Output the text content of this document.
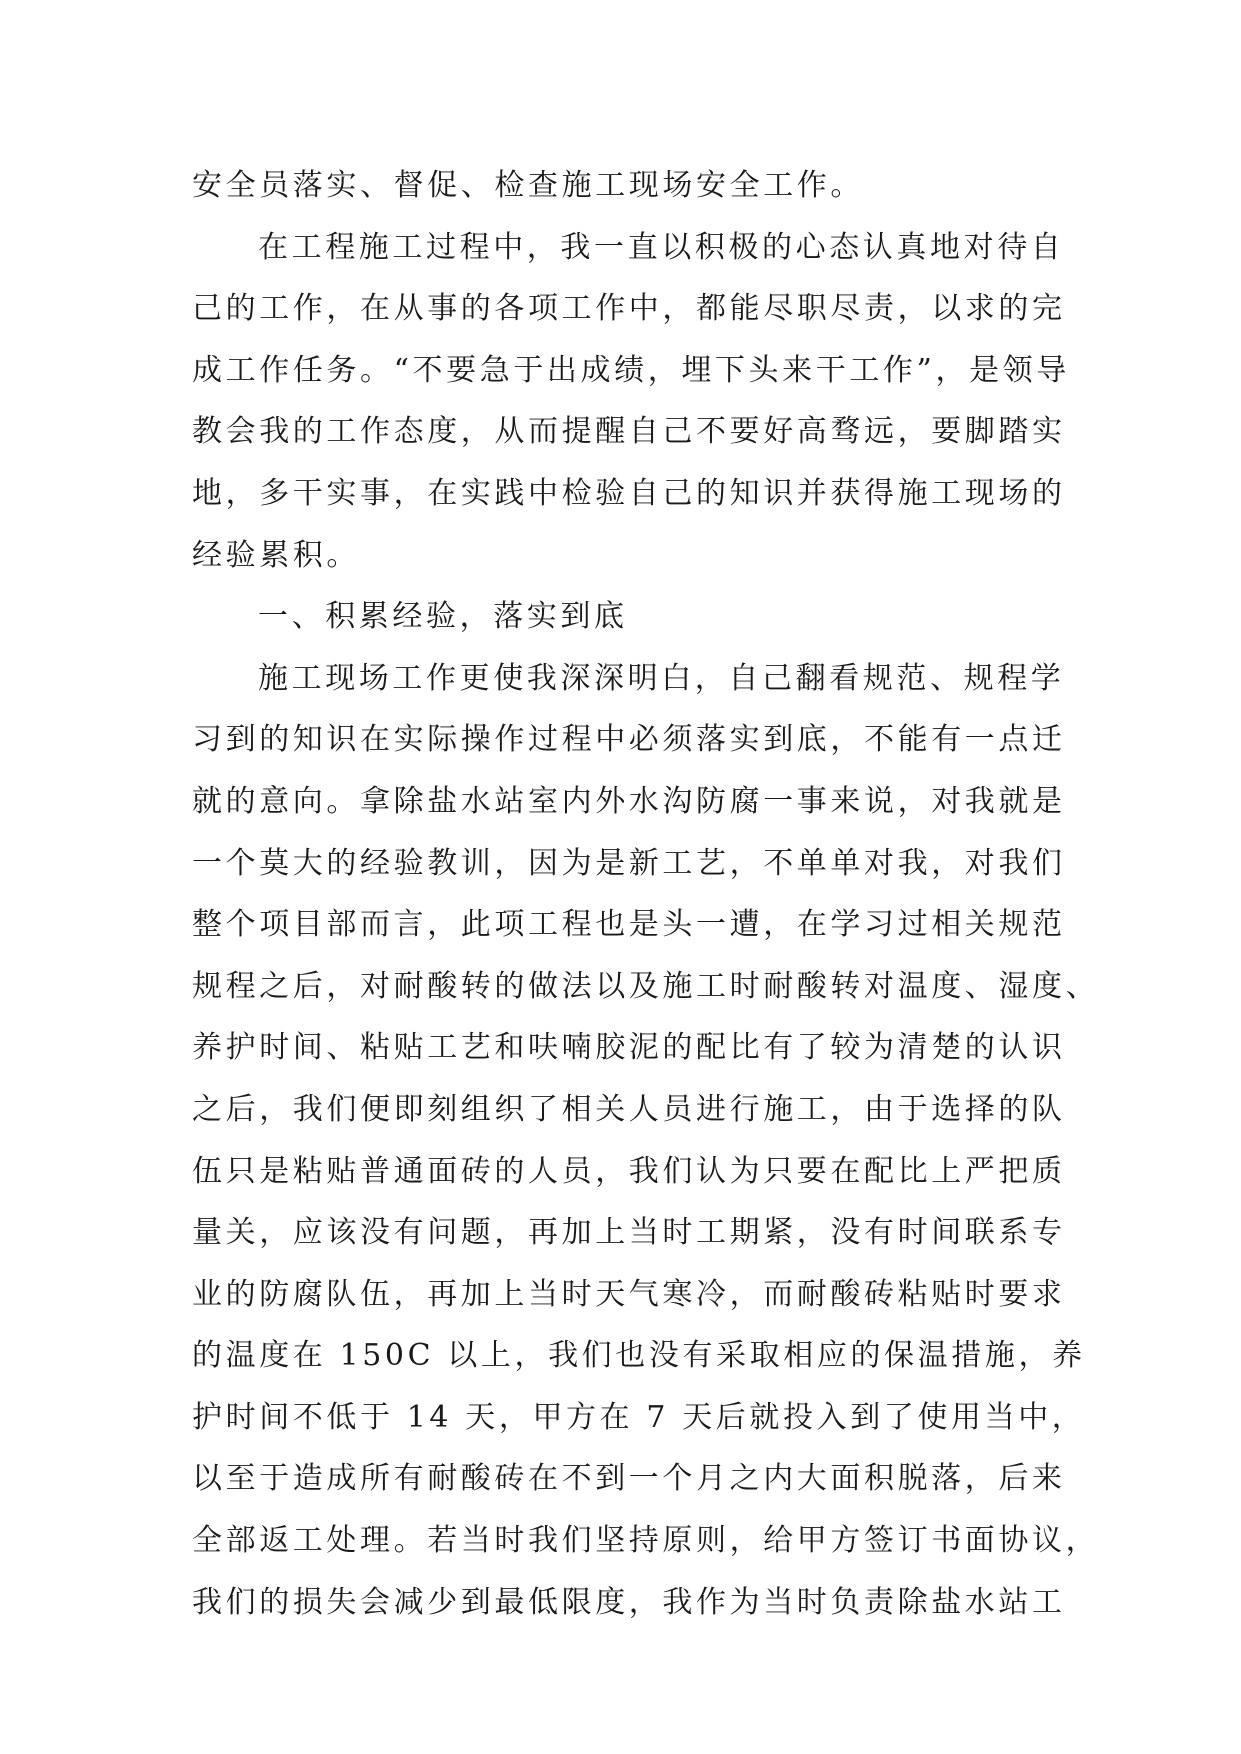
安全员落实、督促、检查施工现场安全工作。
在工程施工过程中，我一直以积极的心态认真地对待自
己的工作，在从事的各项工作中，都能尽职尽责，以求的完
成工作任务。“不要急于出成绩，埋下头来干工作”，是领导
教会我的工作态度，从而提醒自己不要好高骛远，要脚踏实
地，多干实事，在实践中检验自己的知识并获得施工现场的
经验累积。
一、积累经验，落实到底
施工现场工作更使我深深明白，自己翻看规范、规程学
习到的知识在实际操作过程中必须落实到底，不能有一点迁
就的意向。拿除盐水站室内外水沟防腐一事来说，对我就是
一个莫大的经验教训，因为是新工艺，不单单对我，对我们
整个项目部而言，此项工程也是头一遭，在学习过相关规范
规程之后，对耐酸转的做法以及施工时耐酸转对温度、湿度、
养护时间、粘贴工艺和呋喃胶泥的配比有了较为清楚的认识
之后，我们便即刻组织了相关人员进行施工，由于选择的队
伍只是粘贴普通面砖的人员，我们认为只要在配比上严把质
量关，应该没有问题，再加上当时工期紧，没有时间联系专
业的防腐队伍，再加上当时天气寒冷，而耐酸砖粘贴时要求
的温度在 150C 以上，我们也没有采取相应的保温措施，养
护时间不低于 14 天，甲方在 7 天后就投入到了使用当中，
以至于造成所有耐酸砖在不到一个月之内大面积脱落，后来
全部返工处理。若当时我们坚持原则，给甲方签订书面协议，
我们的损失会减少到最低限度，我作为当时负责除盐水站工
